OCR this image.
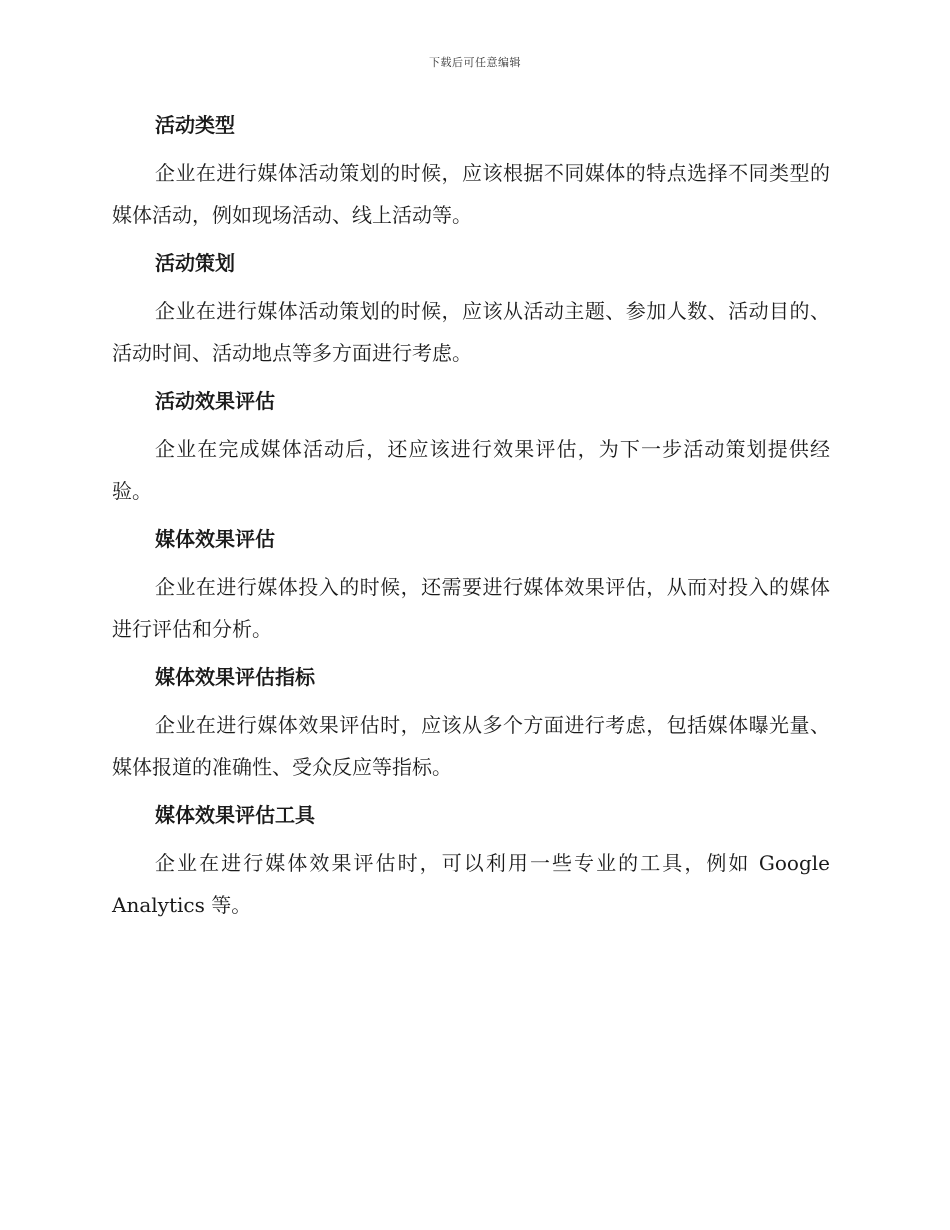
下载后可任意编辑
活动类型

企业在进行媒体活动策划的时候，应该根据不同媒体的特点选择不同类型的媒体活动，例如现场活动、线上活动等。

活动策划

企业在进行媒体活动策划的时候，应该从活动主题、参加人数、活动目的、活动时间、活动地点等多方面进行考虑。

活动效果评估

企业在完成媒体活动后，还应该进行效果评估，为下一步活动策划提供经验。

媒体效果评估

企业在进行媒体投入的时候，还需要进行媒体效果评估，从而对投入的媒体进行评估和分析。

媒体效果评估指标

企业在进行媒体效果评估时，应该从多个方面进行考虑，包括媒体曝光量、媒体报道的准确性、受众反应等指标。

媒体效果评估工具

企业在进行媒体效果评估时，可以利用一些专业的工具，例如 Google Analytics 等。
